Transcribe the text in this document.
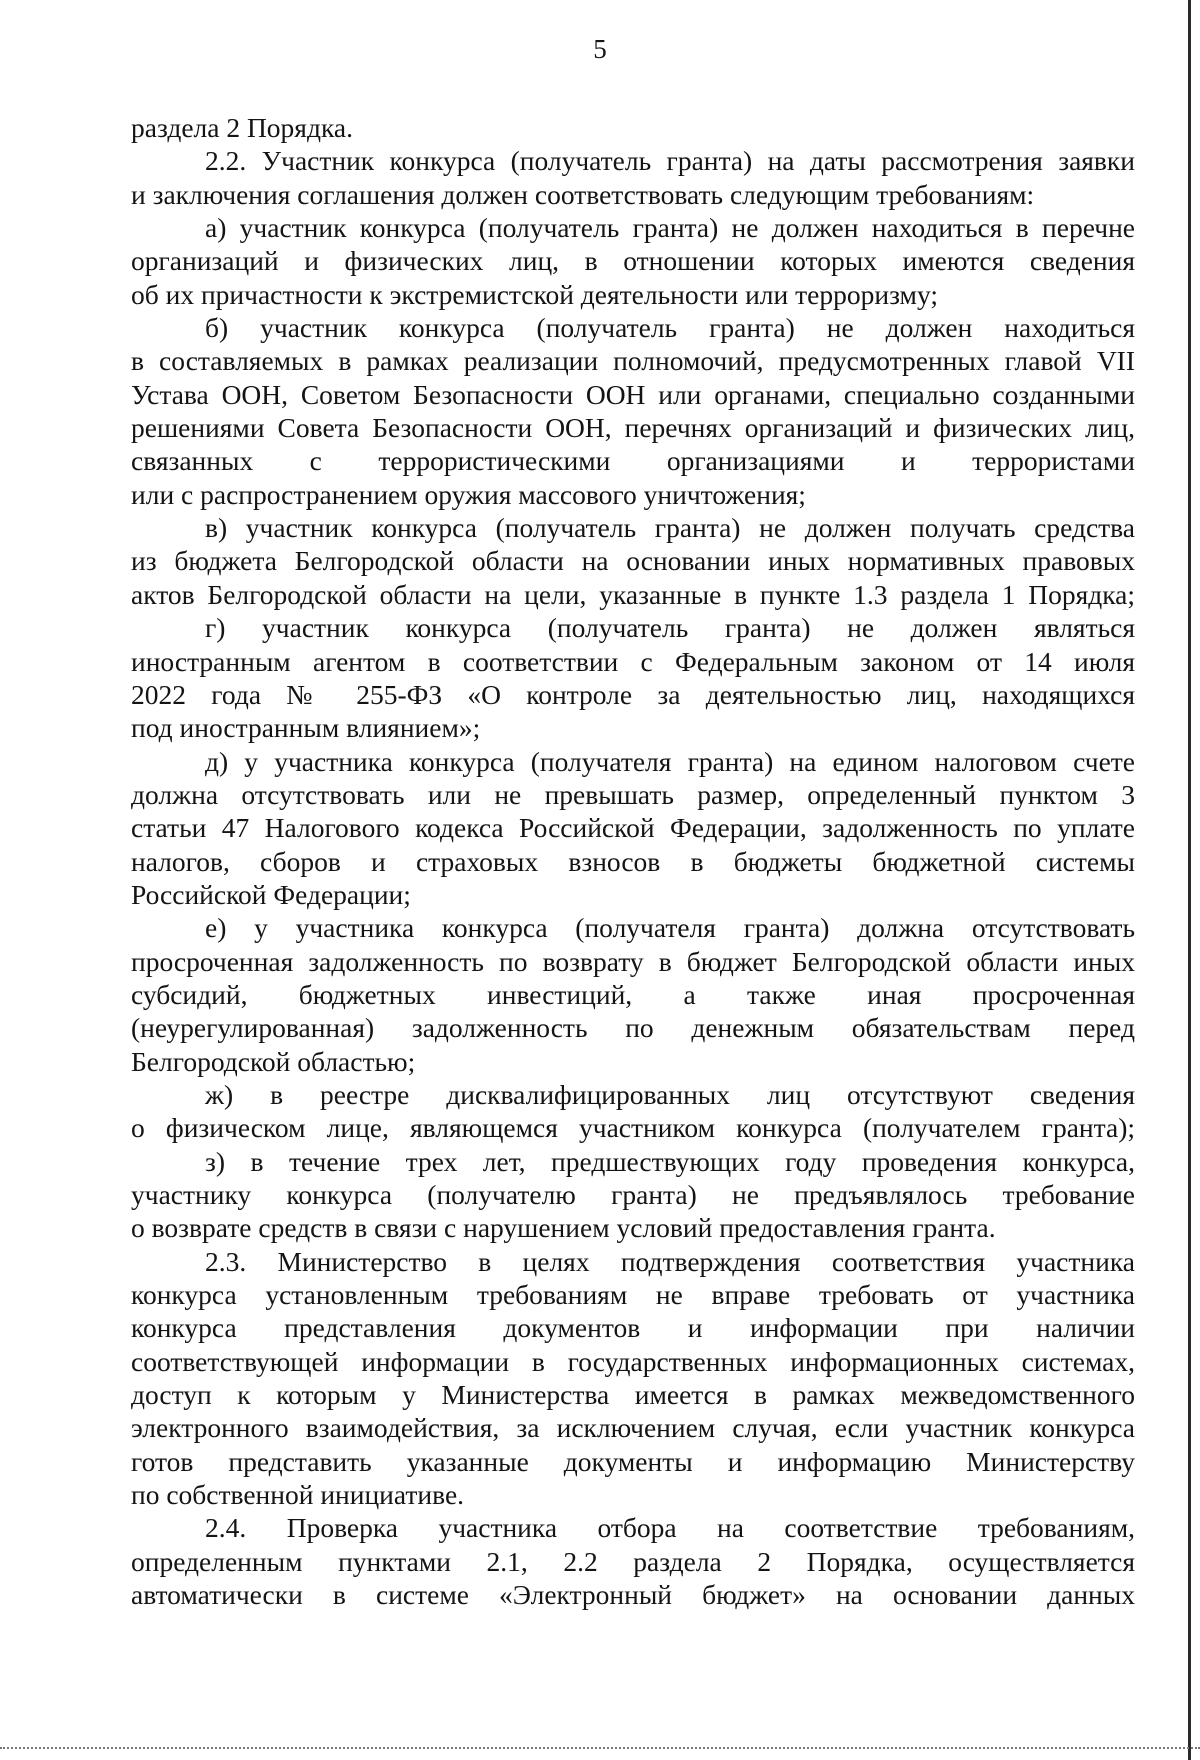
5
раздела 2 Порядка.
2.2. Участник конкурса (получатель гранта) на даты рассмотрения заявки
и заключения соглашения должен соответствовать следующим требованиям:
а) участник конкурса (получатель гранта) не должен находиться в перечне
организаций и физических лиц, в отношении которых имеются сведения
об их причастности к экстремистской деятельности или терроризму;
б) участник конкурса (получатель гранта) не должен находиться
в составляемых в рамках реализации полномочий, предусмотренных главой VII
Устава ООН, Советом Безопасности ООН или органами, специально созданными
решениями Совета Безопасности ООН, перечнях организаций и физических лиц,
связанных с террористическими организациями и террористами
или с распространением оружия массового уничтожения;
в) участник конкурса (получатель гранта) не должен получать средства
из бюджета Белгородской области на основании иных нормативных правовых
актов Белгородской области на цели, указанные в пункте 1.3 раздела 1 Порядка;
г) участник конкурса (получатель гранта) не должен являться
иностранным агентом в соответствии с Федеральным законом от 14 июля
2022 года № 255-ФЗ «О контроле за деятельностью лиц, находящихся
под иностранным влиянием»;
д) у участника конкурса (получателя гранта) на едином налоговом счете
должна отсутствовать или не превышать размер, определенный пунктом 3
статьи 47 Налогового кодекса Российской Федерации, задолженность по уплате
налогов, сборов и страховых взносов в бюджеты бюджетной системы
Российской Федерации;
е) у участника конкурса (получателя гранта) должна отсутствовать
просроченная задолженность по возврату в бюджет Белгородской области иных
субсидий, бюджетных инвестиций, а также иная просроченная
(неурегулированная) задолженность по денежным обязательствам перед
Белгородской областью;
ж) в реестре дисквалифицированных лиц отсутствуют сведения
о физическом лице, являющемся участником конкурса (получателем гранта);
з) в течение трех лет, предшествующих году проведения конкурса,
участнику конкурса (получателю гранта) не предъявлялось требование
о возврате средств в связи с нарушением условий предоставления гранта.
2.3. Министерство в целях подтверждения соответствия участника
конкурса установленным требованиям не вправе требовать от участника
конкурса представления документов и информации при наличии
соответствующей информации в государственных информационных системах,
доступ к которым у Министерства имеется в рамках межведомственного
электронного взаимодействия, за исключением случая, если участник конкурса
готов представить указанные документы и информацию Министерству
по собственной инициативе.
2.4. Проверка участника отбора на соответствие требованиям,
определенным пунктами 2.1, 2.2 раздела 2 Порядка, осуществляется
автоматически в системе «Электронный бюджет» на основании данных
